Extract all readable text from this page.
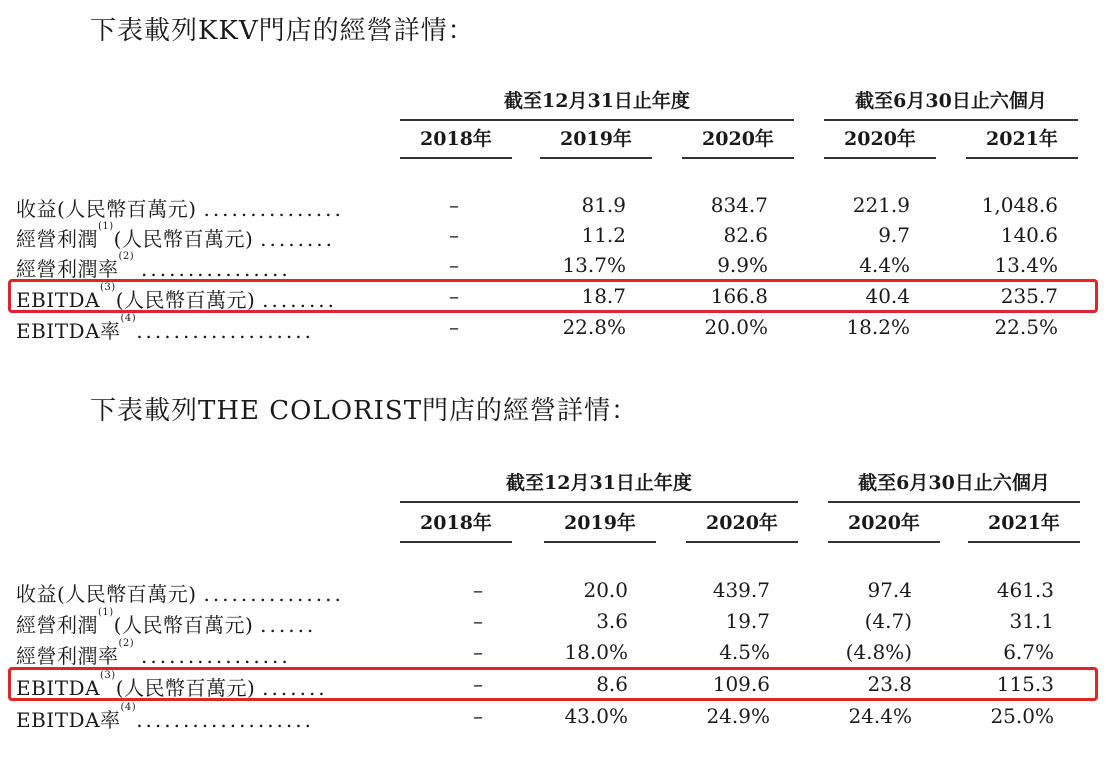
下表載列KKV門店的經營詳情：
截至12月31日止年度	截至6月30日止六個月
2018年	2019年	2020年	2020年	2021年
收益(人民幣百萬元) ...............	–	81.9	834.7	221.9	1,048.6
經營利潤$^{(1)}$(人民幣百萬元) ........	–	11.2	82.6	9.7	140.6
經營利潤率$^{(2)}$ ................	–	13.7%	9.9%	4.4%	13.4%
EBITDA$^{(3)}$(人民幣百萬元) ........	–	18.7	166.8	40.4	235.7
EBITDA率$^{(4)}$...................	–	22.8%	20.0%	18.2%	22.5%
下表載列THE COLORIST門店的經營詳情：
截至12月31日止年度	截至6月30日止六個月
2018年	2019年	2020年	2020年	2021年
收益(人民幣百萬元) ...............	–	20.0	439.7	97.4	461.3
經營利潤$^{(1)}$(人民幣百萬元) ......	–	3.6	19.7	(4.7)	31.1
經營利潤率$^{(2)}$ ................	–	18.0%	4.5%	(4.8%)	6.7%
EBITDA$^{(3)}$(人民幣百萬元) .......	–	8.6	109.6	23.8	115.3
EBITDA率$^{(4)}$...................	–	43.0%	24.9%	24.4%	25.0%
